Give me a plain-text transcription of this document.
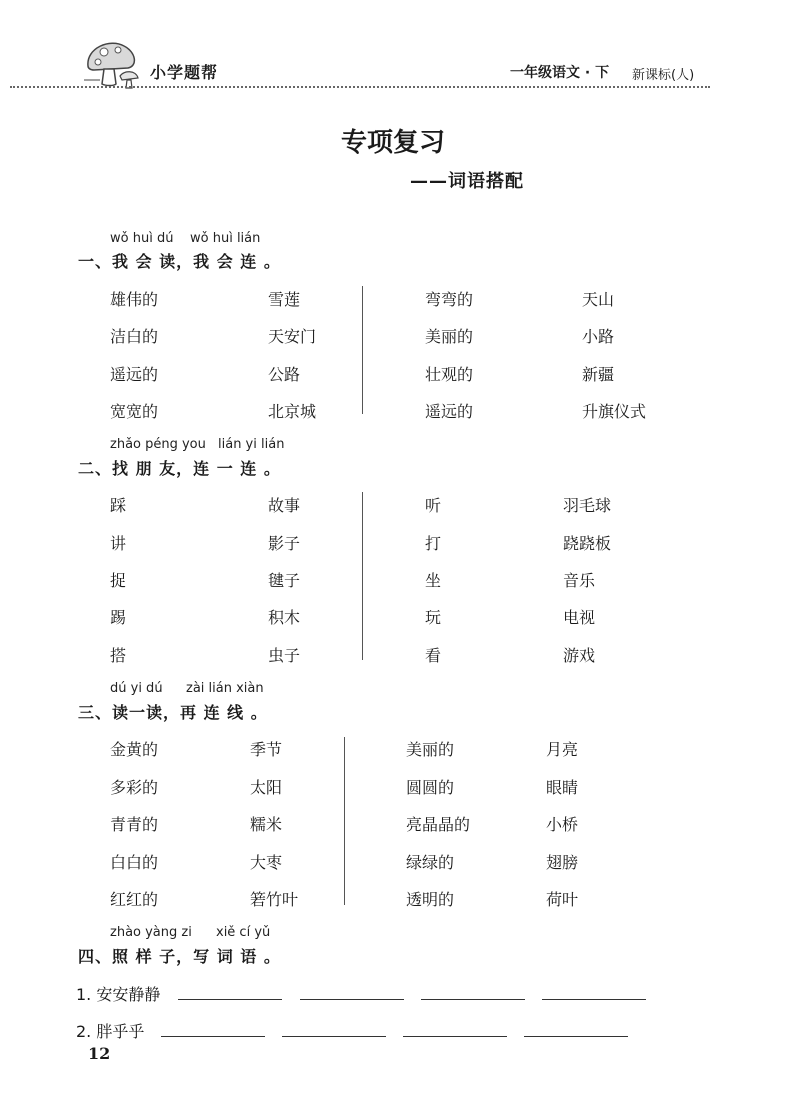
小学题帮	一年级语文 · 下 新课标(人)
专项复习
——词语搭配
wǒ huì dú wǒ huì lián
一、我 会 读，我 会 连 。
雄伟的
洁白的
遥远的
宽宽的
雪莲
天安门
公路
北京城
弯弯的
美丽的
壮观的
遥远的
天山
小路
新疆
升旗仪式
zhǎo péng you lián yi lián
二、找 朋 友，连 一 连 。
踩
讲
捉
踢
搭
故事
影子
毽子
积木
虫子
听
打
坐
玩
看
羽毛球
跷跷板
音乐
电视
游戏
dú yi dú zài lián xiàn
三、读一读，再 连 线 。
金黄的
多彩的
青青的
白白的
红红的
季节
太阳
糯米
大枣
箬竹叶
美丽的
圆圆的
亮晶晶的
绿绿的
透明的
月亮
眼睛
小桥
翅膀
荷叶
zhào yàng zi xiě cí yǔ
四、照 样 子，写 词 语 。
1. 安安静静
2. 胖乎乎
12
